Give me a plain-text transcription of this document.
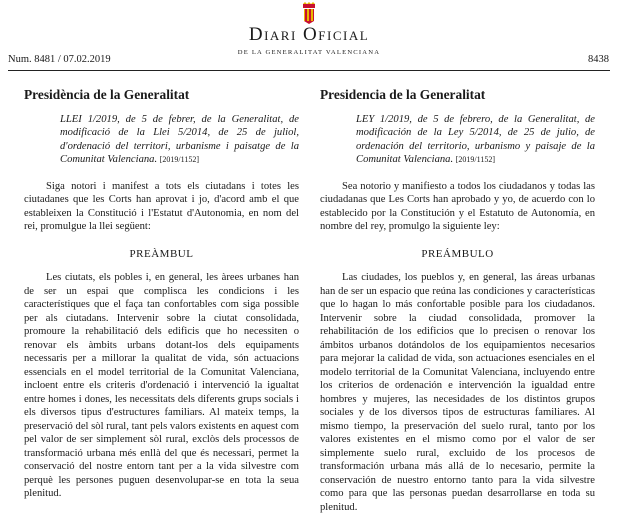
Num. 8481 / 07.02.2019
Diari Oficial
DE LA GENERALITAT VALENCIANA
8438

Presidència de la Generalitat

LLEI 1/2019, de 5 de febrer, de la Generalitat, de modificació de la Llei 5/2014, de 25 de juliol, d'ordenació del territori, urbanisme i paisatge de la Comunitat Valenciana. [2019/1152]

Siga notori i manifest a tots els ciutadans i totes les ciutadanes que les Corts han aprovat i jo, d'acord amb el que estableixen la Constitució i l'Estatut d'Autonomia, en nom del rei, promulgue la llei següent:

PREÀMBUL

Les ciutats, els pobles i, en general, les àrees urbanes han de ser un espai que complisca les condicions i les característiques que el faça tan confortables com siga possible per als ciutadans. Intervenir sobre la ciutat consolidada, promoure la rehabilitació dels edificis que ho necessiten o renovar els àmbits urbans dotant-los dels equipaments necessaris per a millorar la qualitat de vida, són actuacions essencials en el model territorial de la Comunitat Valenciana, incloent entre els criteris d'ordenació i intervenció la igualtat entre homes i dones, les necessitats dels diferents grups socials i els diversos tipus d'estructures familiars. Al mateix temps, la preservació del sòl rural, tant pels valors existents en aquest com pel valor de ser simplement sòl rural, exclòs dels processos de transformació urbana més enllà del que és necessari, permet la conservació del nostre entorn tant per a la vida silvestre com perquè les persones puguen desenvolupar-se en tota la seua plenitud.

Presidencia de la Generalitat

LEY 1/2019, de 5 de febrero, de la Generalitat, de modificación de la Ley 5/2014, de 25 de julio, de ordenación del territorio, urbanismo y paisaje de la Comunitat Valenciana. [2019/1152]

Sea notorio y manifiesto a todos los ciudadanos y todas las ciudadanas que Les Corts han aprobado y yo, de acuerdo con lo establecido por la Constitución y el Estatuto de Autonomía, en nombre del rey, promulgo la siguiente ley:

PREÁMBULO

Las ciudades, los pueblos y, en general, las áreas urbanas han de ser un espacio que reúna las condiciones y características que lo hagan lo más confortable posible para los ciudadanos. Intervenir sobre la ciudad consolidada, promover la rehabilitación de los edificios que lo precisen o renovar los ámbitos urbanos dotándolos de los equipamientos necesarios para mejorar la calidad de vida, son actuaciones esenciales en el modelo territorial de la Comunitat Valenciana, incluyendo entre los criterios de ordenación e intervención la igualdad entre hombres y mujeres, las necesidades de los distintos grupos sociales y de los diversos tipos de estructuras familiares. Al mismo tiempo, la preservación del suelo rural, tanto por los valores existentes en el mismo como por el valor de ser simplemente suelo rural, excluido de los procesos de transformación urbana más allá de lo necesario, permite la conservación de nuestro entorno tanto para la vida silvestre como para que las personas puedan desarrollarse en toda su plenitud.
